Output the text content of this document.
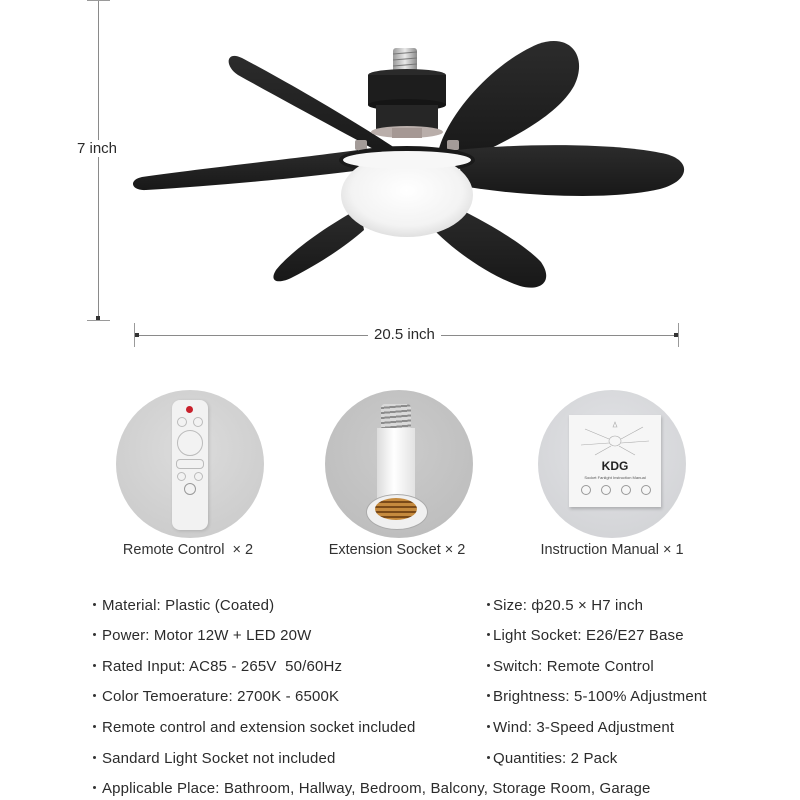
7 inch
20.5 inch
Remote Control  × 2	Extension Socket × 2
KDG
Socket Fanlight Instruction Manual
Instruction Manual × 1
Material: Plastic (Coated)
Power: Motor 12W + LED 20W
Rated Input: AC85 - 265V  50/60Hz
Color Temoerature: 2700K - 6500K
Remote control and extension socket included
Sandard Light Socket not included
Size: ф20.5 × H7 inch
Light Socket: E26/E27 Base
Switch: Remote Control
Brightness: 5-100% Adjustment
Wind: 3-Speed Adjustment
Quantities: 2 Pack
Applicable Place: Bathroom, Hallway, Bedroom, Balcony, Storage Room, Garage
